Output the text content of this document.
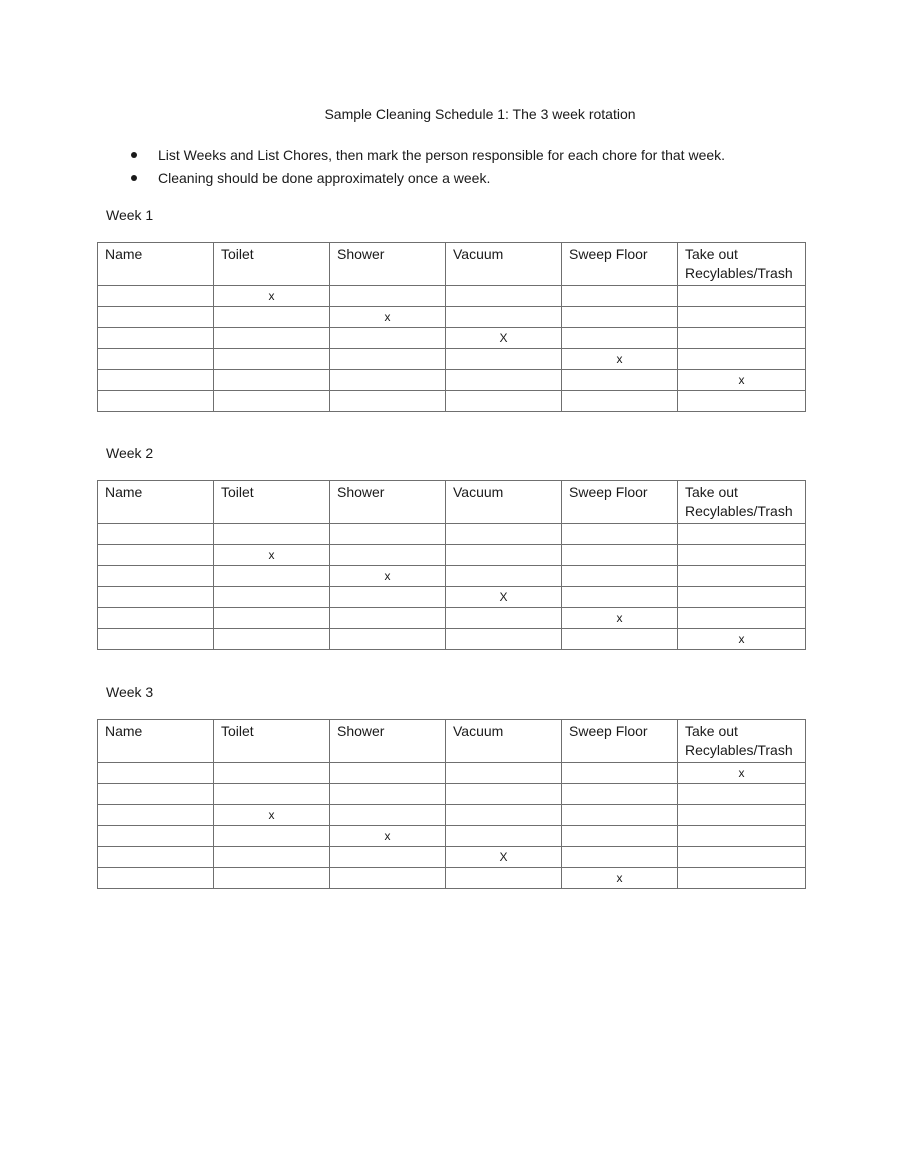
Sample Cleaning Schedule 1: The 3 week rotation
List Weeks and List Chores, then mark the person responsible for each chore for that week.
Cleaning should be done approximately once a week.
Week 1
Name	Toilet	Shower	Vacuum	Sweep Floor	Take out Recylables/Trash
	x				
		x			
			X		
				x	
					x

Week 2
Name	Toilet	Shower	Vacuum	Sweep Floor	Take out Recylables/Trash

	x				
		x			
			X		
				x	
					x
Week 3
Name	Toilet	Shower	Vacuum	Sweep Floor	Take out Recylables/Trash
					x

	x				
		x			
			X		
				x	
